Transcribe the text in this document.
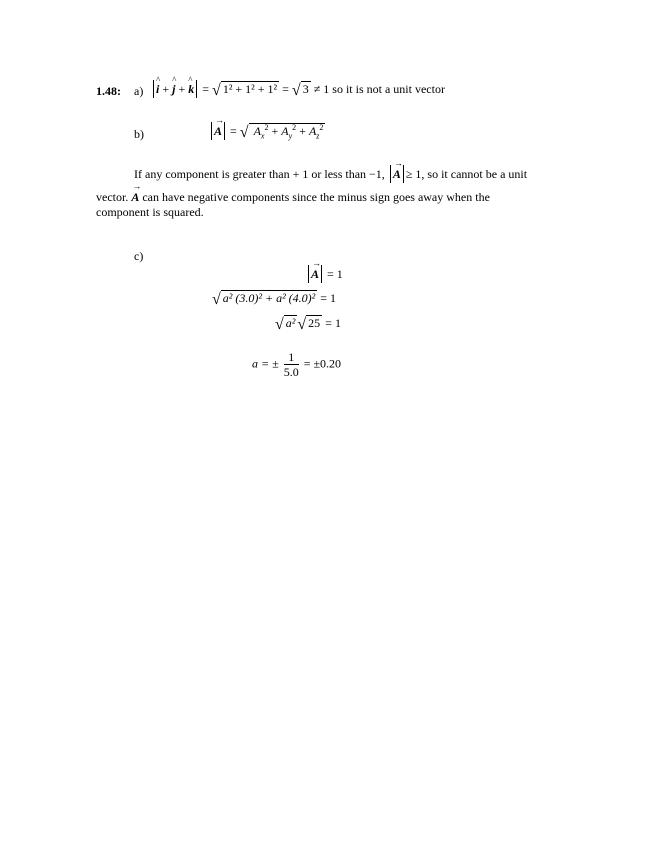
1.48: a)	^ i + ^ j + ^ k = √ 1² + 1² + 1² = √ 3 ≠ 1 so it is not a unit vector
b)	→ A = √ $A_x^2 + A_y^2 + A_z^2$
If any component is greater than + 1 or less than −1, → A ≥ 1, so it cannot be a unit
vector. → A can have negative components since the minus sign goes away when the
component is squared.
c)
→ A = 1
√ a² (3.0)² + a² (4.0)² = 1
√ a² √ 25 = 1
a = ± $\frac{1}{5.0} = \pm 0.20$
